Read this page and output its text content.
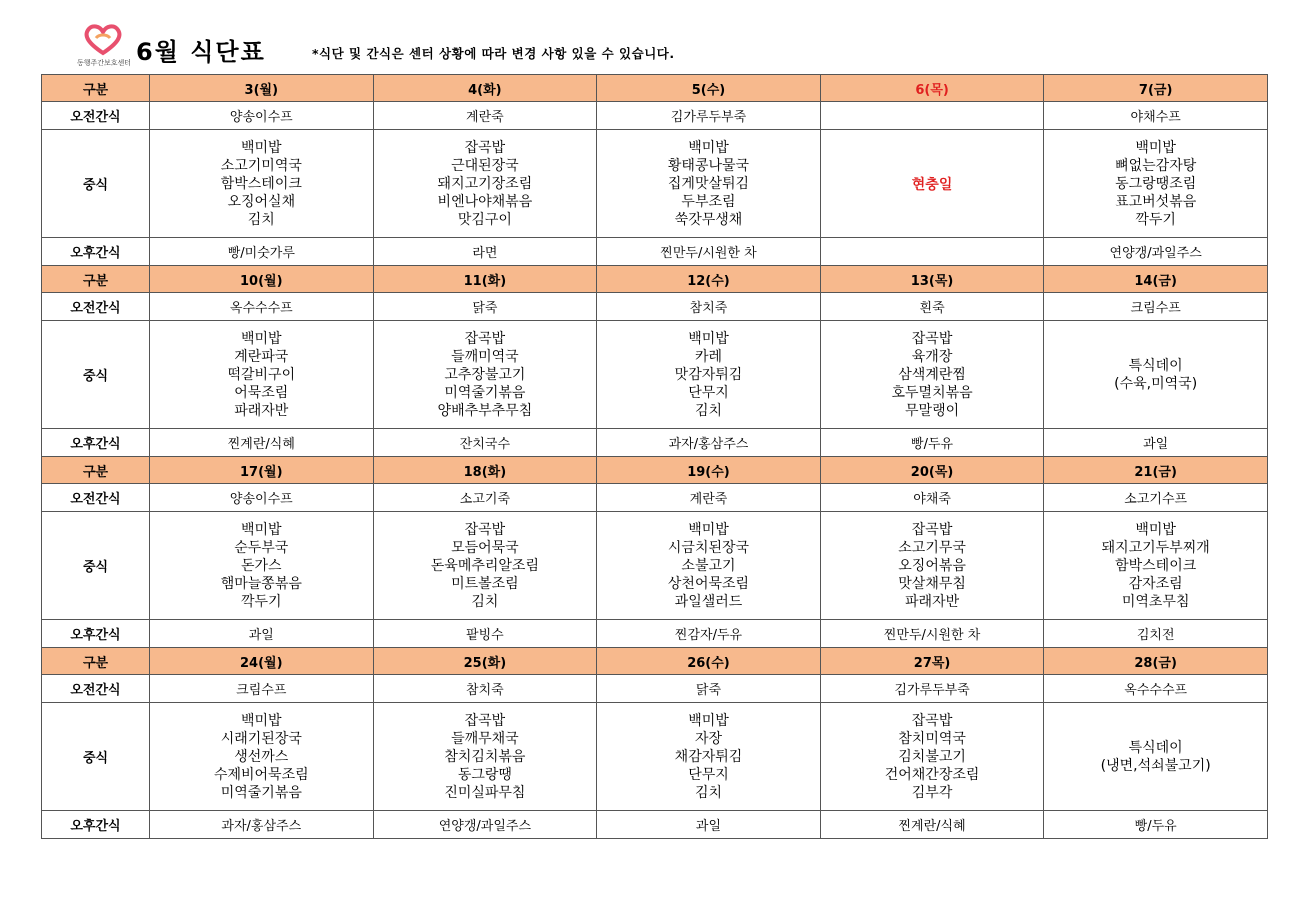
동행주간보호센터 6월 식단표	*식단 및 간식은 센터 상황에 따라 변경 사항 있을 수 있습니다.
구분	3(월)	4(화)	5(수)	6(목)	7(금)
오전간식	양송이수프	계란죽	김가루두부죽		야채수프
중식	백미밥
소고기미역국
함박스테이크
오징어실채
김치	잡곡밥
근대된장국
돼지고기장조림
비엔나야채볶음
맛김구이	백미밥
황태콩나물국
집게맛살튀김
두부조림
쑥갓무생채	현충일	백미밥
뼈없는감자탕
동그랑땡조림
표고버섯볶음
깍두기

오후간식	빵/미숫가루	라면	찐만두/시원한 차		연양갱/과일주스
구분	10(월)	11(화)	12(수)	13(목)	14(금)
오전간식	옥수수수프	닭죽	참치죽	흰죽	크림수프
중식	백미밥
계란파국
떡갈비구이
어묵조림
파래자반	잡곡밥
들깨미역국
고추장불고기
미역줄기볶음
양배추부추무침	백미밥
카레
맛감자튀김
단무지
김치	잡곡밥
육개장
삼색계란찜
호두멸치볶음
무말랭이	특식데이
(수육,미역국)

오후간식	찐계란/식혜	잔치국수	과자/홍삼주스	빵/두유	과일
구분	17(월)	18(화)	19(수)	20(목)	21(금)
오전간식	양송이수프	소고기죽	계란죽	야채죽	소고기수프
중식	백미밥
순두부국
돈가스
햄마늘쫑볶음
깍두기	잡곡밥
모듬어묵국
돈육메추리알조림
미트볼조림
김치	백미밥
시금치된장국
소불고기
상천어묵조림
과일샐러드	잡곡밥
소고기무국
오징어볶음
맛살채무침
파래자반	백미밥
돼지고기두부찌개
함박스테이크
감자조림
미역초무침

오후간식	과일	팥빙수	찐감자/두유	찐만두/시원한 차	김치전
구분	24(월)	25(화)	26(수)	27목)	28(금)
오전간식	크림수프	참치죽	닭죽	김가루두부죽	옥수수수프
중식	백미밥
시래기된장국
생선까스
수제비어묵조림
미역줄기볶음	잡곡밥
들깨무채국
참치김치볶음
동그랑땡
진미실파무침	백미밥
자장
채감자튀김
단무지
김치	잡곡밥
참치미역국
김치불고기
건어채간장조림
김부각	특식데이
(냉면,석쇠불고기)

오후간식	과자/홍삼주스	연양갱/과일주스	과일	찐계란/식혜	빵/두유
